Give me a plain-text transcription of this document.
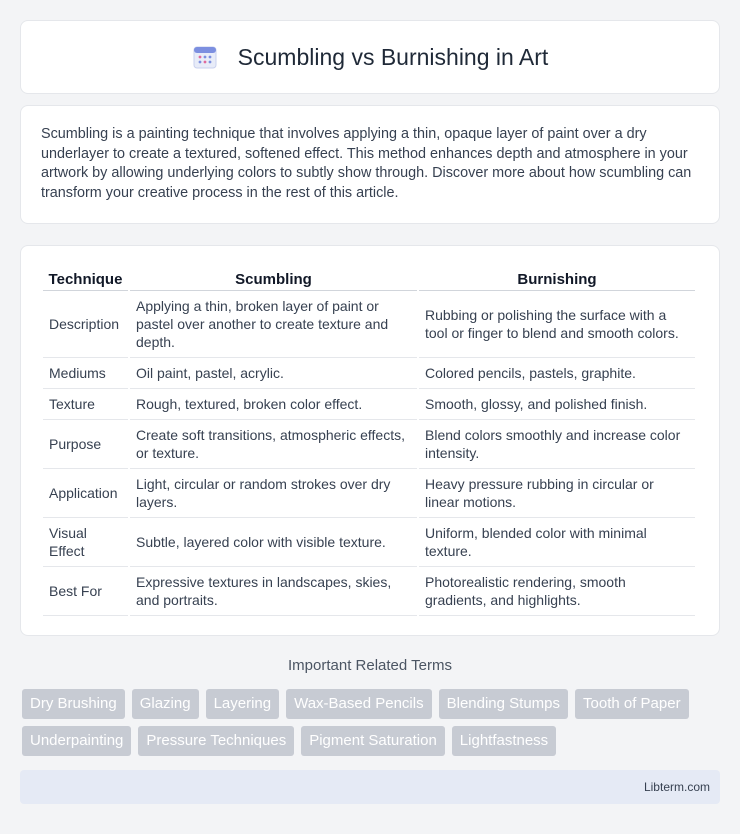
Scumbling vs Burnishing in Art

Scumbling is a painting technique that involves applying a thin, opaque layer of paint over a dry underlayer to create a textured, softened effect. This method enhances depth and atmosphere in your artwork by allowing underlying colors to subtly show through. Discover more about how scumbling can transform your creative process in the rest of this article.

Technique	Scumbling	Burnishing
Description	Applying a thin, broken layer of paint or pastel over another to create texture and depth.	Rubbing or polishing the surface with a tool or finger to blend and smooth colors.
Mediums	Oil paint, pastel, acrylic.	Colored pencils, pastels, graphite.
Texture	Rough, textured, broken color effect.	Smooth, glossy, and polished finish.
Purpose	Create soft transitions, atmospheric effects, or texture.	Blend colors smoothly and increase color intensity.
Application	Light, circular or random strokes over dry layers.	Heavy pressure rubbing in circular or linear motions.
Visual Effect	Subtle, layered color with visible texture.	Uniform, blended color with minimal texture.
Best For	Expressive textures in landscapes, skies, and portraits.	Photorealistic rendering, smooth gradients, and highlights.
Important Related Terms
Dry Brushing	Glazing	Layering	Wax-Based Pencils	Blending Stumps	Tooth of Paper
Underpainting	Pressure Techniques	Pigment Saturation	Lightfastness
Libterm.com
